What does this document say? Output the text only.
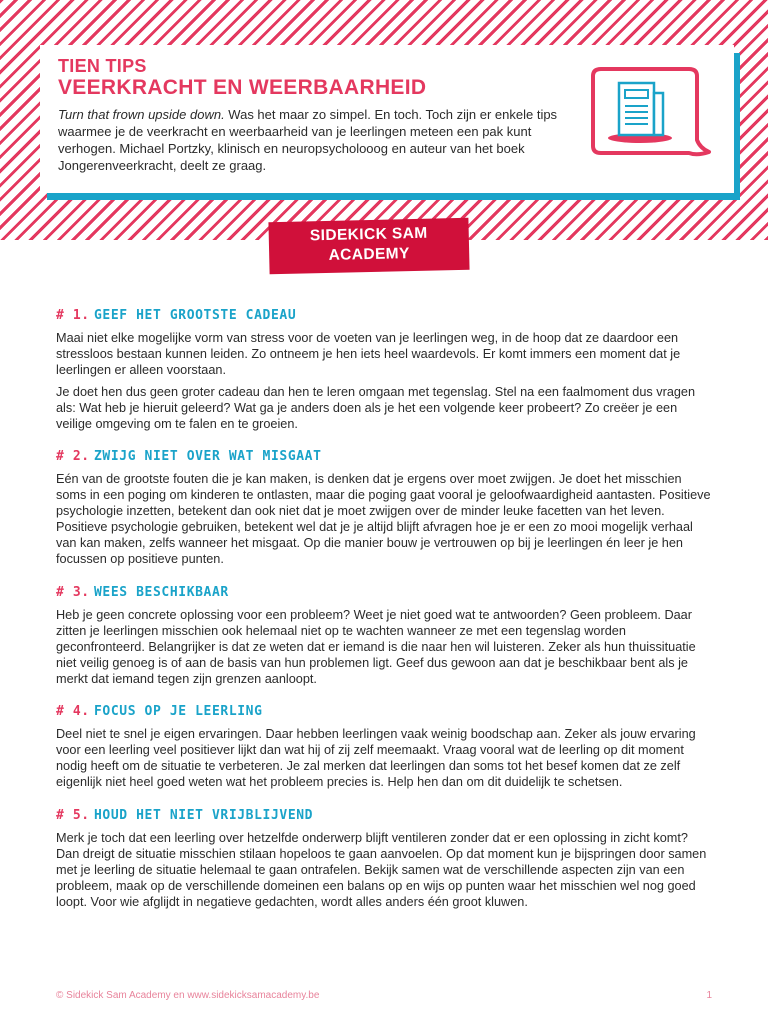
TIEN TIPS
VEERKRACHT EN WEERBAARHEID

Turn that frown upside down. Was het maar zo simpel. En toch. Toch zijn er enkele tips waarmee je de veerkracht en weerbaarheid van je leerlingen meteen een pak kunt verhogen. Michael Portzky, klinisch en neuropsycholooog en auteur van het boek Jongerenveerkracht, deelt ze graag.

SIDEKICK SAM
ACADEMY
# 1. GEEF HET GROOTSTE CADEAU

Maai niet elke mogelijke vorm van stress voor de voeten van je leerlingen weg, in de hoop dat ze daardoor een stressloos bestaan kunnen leiden. Zo ontneem je hen iets heel waardevols. Er komt immers een moment dat je leerlingen er alleen voorstaan.

Je doet hen dus geen groter cadeau dan hen te leren omgaan met tegenslag. Stel na een faalmoment dus vragen als: Wat heb je hieruit geleerd? Wat ga je anders doen als je het een volgende keer probeert? Zo creëer je een veilige omgeving om te falen en te groeien.

# 2. ZWIJG NIET OVER WAT MISGAAT

Eén van de grootste fouten die je kan maken, is denken dat je ergens over moet zwijgen. Je doet het misschien soms in een poging om kinderen te ontlasten, maar die poging gaat vooral je geloofwaardigheid aantasten. Positieve psychologie inzetten, betekent dan ook niet dat je moet zwijgen over de minder leuke facetten van het leven. Positieve psychologie gebruiken, betekent wel dat je je altijd blijft afvragen hoe je er een zo mooi mogelijk verhaal van kan maken, zelfs wanneer het misgaat. Op die manier bouw je vertrouwen op bij je leerlingen én leer je hen focussen op positieve punten.

# 3. WEES BESCHIKBAAR

Heb je geen concrete oplossing voor een probleem? Weet je niet goed wat te antwoorden? Geen probleem. Daar zitten je leerlingen misschien ook helemaal niet op te wachten wanneer ze met een tegenslag worden geconfronteerd. Belangrijker is dat ze weten dat er iemand is die naar hen wil luisteren. Zeker als hun thuissituatie niet veilig genoeg is of aan de basis van hun problemen ligt. Geef dus gewoon aan dat je beschikbaar bent als je merkt dat iemand tegen zijn grenzen aanloopt.

# 4. FOCUS OP JE LEERLING

Deel niet te snel je eigen ervaringen. Daar hebben leerlingen vaak weinig boodschap aan. Zeker als jouw ervaring voor een leerling veel positiever lijkt dan wat hij of zij zelf meemaakt. Vraag vooral wat de leerling op dit moment nodig heeft om de situatie te verbeteren. Je zal merken dat leerlingen dan soms tot het besef komen dat ze zelf eigenlijk niet heel goed weten wat het probleem precies is. Help hen dan om dit duidelijk te schetsen.

# 5. HOUD HET NIET VRIJBLIJVEND

Merk je toch dat een leerling over hetzelfde onderwerp blijft ventileren zonder dat er een oplossing in zicht komt? Dan dreigt de situatie misschien stilaan hopeloos te gaan aanvoelen. Op dat moment kun je bijspringen door samen met je leerling de situatie helemaal te gaan ontrafelen. Bekijk samen wat de verschillende aspecten zijn van een probleem, maak op de verschillende domeinen een balans op en wijs op punten waar het misschien wel nog goed loopt. Voor wie afglijdt in negatieve gedachten, wordt alles anders één groot kluwen.

© Sidekick Sam Academy en www.sidekicksamacademy.be	1
